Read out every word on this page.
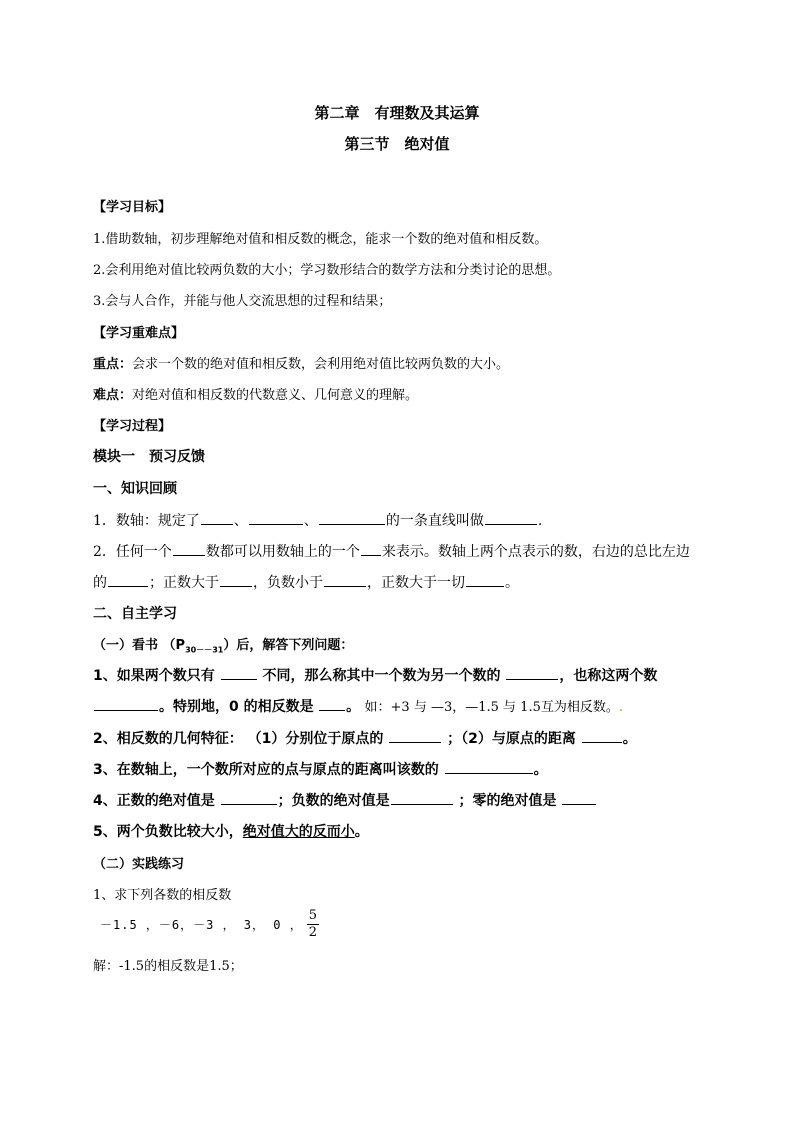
第二章　有理数及其运算
第三节　绝对值
【学习目标】
1.借助数轴，初步理解绝对值和相反数的概念，能求一个数的绝对值和相反数。
2.会利用绝对值比较两负数的大小；学习数形结合的数学方法和分类讨论的思想。
3.会与人合作，并能与他人交流思想的过程和结果；
【学习重难点】
重点：会求一个数的绝对值和相反数，会利用绝对值比较两负数的大小。
难点：对绝对值和相反数的代数意义、几何意义的理解。
【学习过程】
模块一　预习反馈
一、知识回顾
1．数轴：规定了 、	、	的一条直线叫做	.
2．任何一个 数都可以用数轴上的一个 来表示。数轴上两个点表示的数，右边的总比左边
的	；正数大于 ，负数小于	，正数大于一切	。
二、自主学习
（一）看书 $(P_{30--31})$后，解答下列问题：
1、如果两个数只有	不同，那么称其中一个数为另一个数的	，也称这两个数
。特别地，0 的相反数是 。 如：+3 与 —3，—1.5 与 1.5互为相反数。.
2、相反数的几何特征： （1）分别位于原点的	；（2）与原点的距离	。
3、在数轴上，一个数所对应的点与原点的距离叫该数的	。
4、正数的绝对值是	；负数的绝对值是	；零的绝对值是
5、两个负数比较大小，绝对值大的反而小。
（二）实践练习
1、求下列各数的相反数
－1.5 ，－6，－3 ， 3， 0 ， $\frac{5}{2}$
解：-1.5的相反数是1.5；
